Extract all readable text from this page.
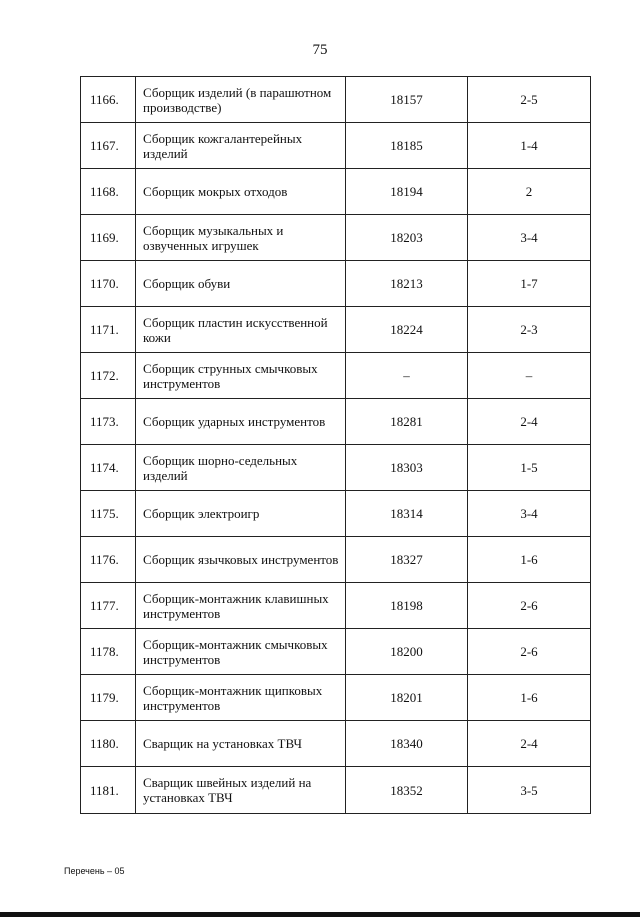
75
1166.	Сборщик изделий (в парашютном производстве)	18157	2-5
1167.	Сборщик кожгалантерейных изделий	18185	1-4
1168.	Сборщик мокрых отходов	18194	2
1169.	Сборщик музыкальных и озвученных игрушек	18203	3-4
1170.	Сборщик обуви	18213	1-7
1171.	Сборщик пластин искусственной кожи	18224	2-3
1172.	Сборщик струнных смычковых инструментов	–	–
1173.	Сборщик ударных инструментов	18281	2-4
1174.	Сборщик шорно-седельных изделий	18303	1-5
1175.	Сборщик электроигр	18314	3-4
1176.	Сборщик язычковых инструментов	18327	1-6
1177.	Сборщик-монтажник клавишных инструментов	18198	2-6
1178.	Сборщик-монтажник смычковых инструментов	18200	2-6
1179.	Сборщик-монтажник щипковых инструментов	18201	1-6
1180.	Сварщик на установках ТВЧ	18340	2-4
1181.	Сварщик швейных изделий на установках ТВЧ	18352	3-5
Перечень – 05
